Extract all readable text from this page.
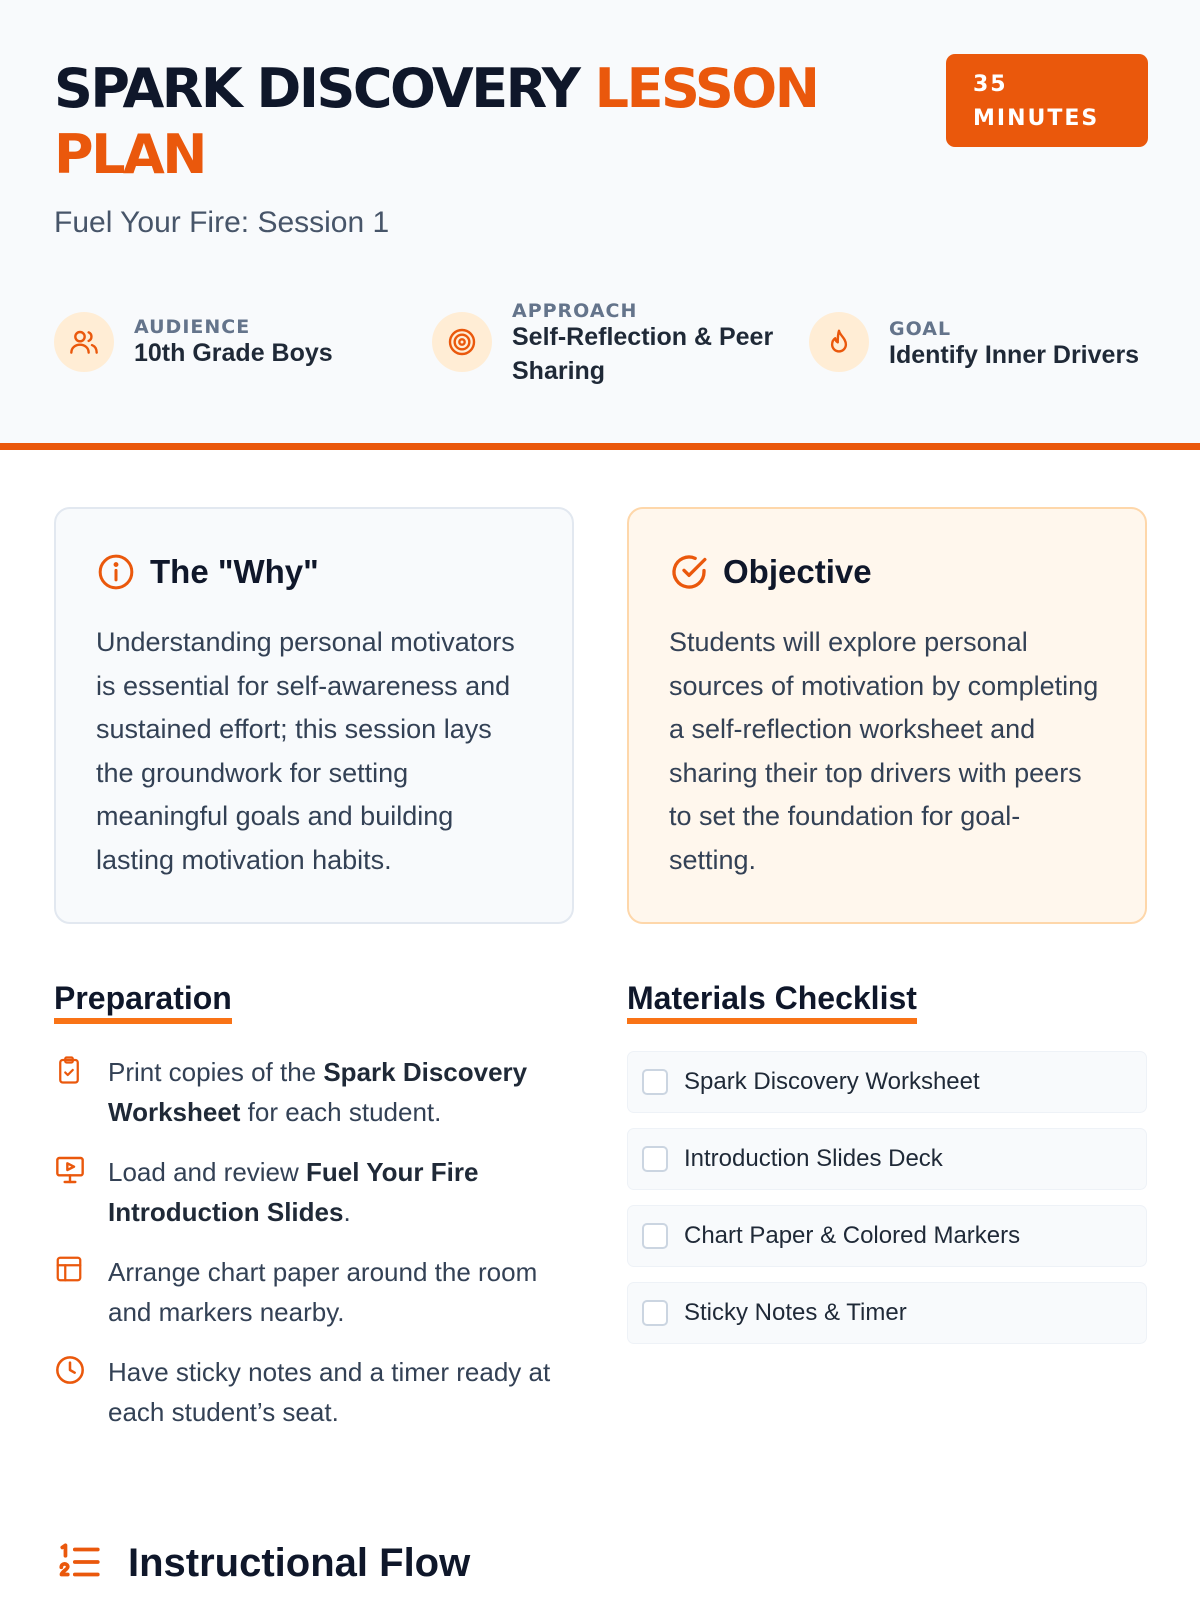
SPARK DISCOVERY LESSON
PLAN
Fuel Your Fire: Session 1
35
MINUTES
AUDIENCE
10th Grade Boys
APPROACH
Self-Reflection & Peer Sharing
GOAL
Identify Inner Drivers
The "Why"

Understanding personal motivators is essential for self-awareness and sustained effort; this session lays the groundwork for setting meaningful goals and building lasting motivation habits.

Objective

Students will explore personal sources of motivation by completing a self-reflection worksheet and sharing their top drivers with peers to set the foundation for goal-setting.

Preparation

Print copies of the Spark Discovery Worksheet for each student.

Load and review Fuel Your Fire Introduction Slides.

Arrange chart paper around the room and markers nearby.

Have sticky notes and a timer ready at each student’s seat.

Materials Checklist
Spark Discovery Worksheet
Introduction Slides Deck
Chart Paper & Colored Markers
Sticky Notes & Timer
Instructional Flow
